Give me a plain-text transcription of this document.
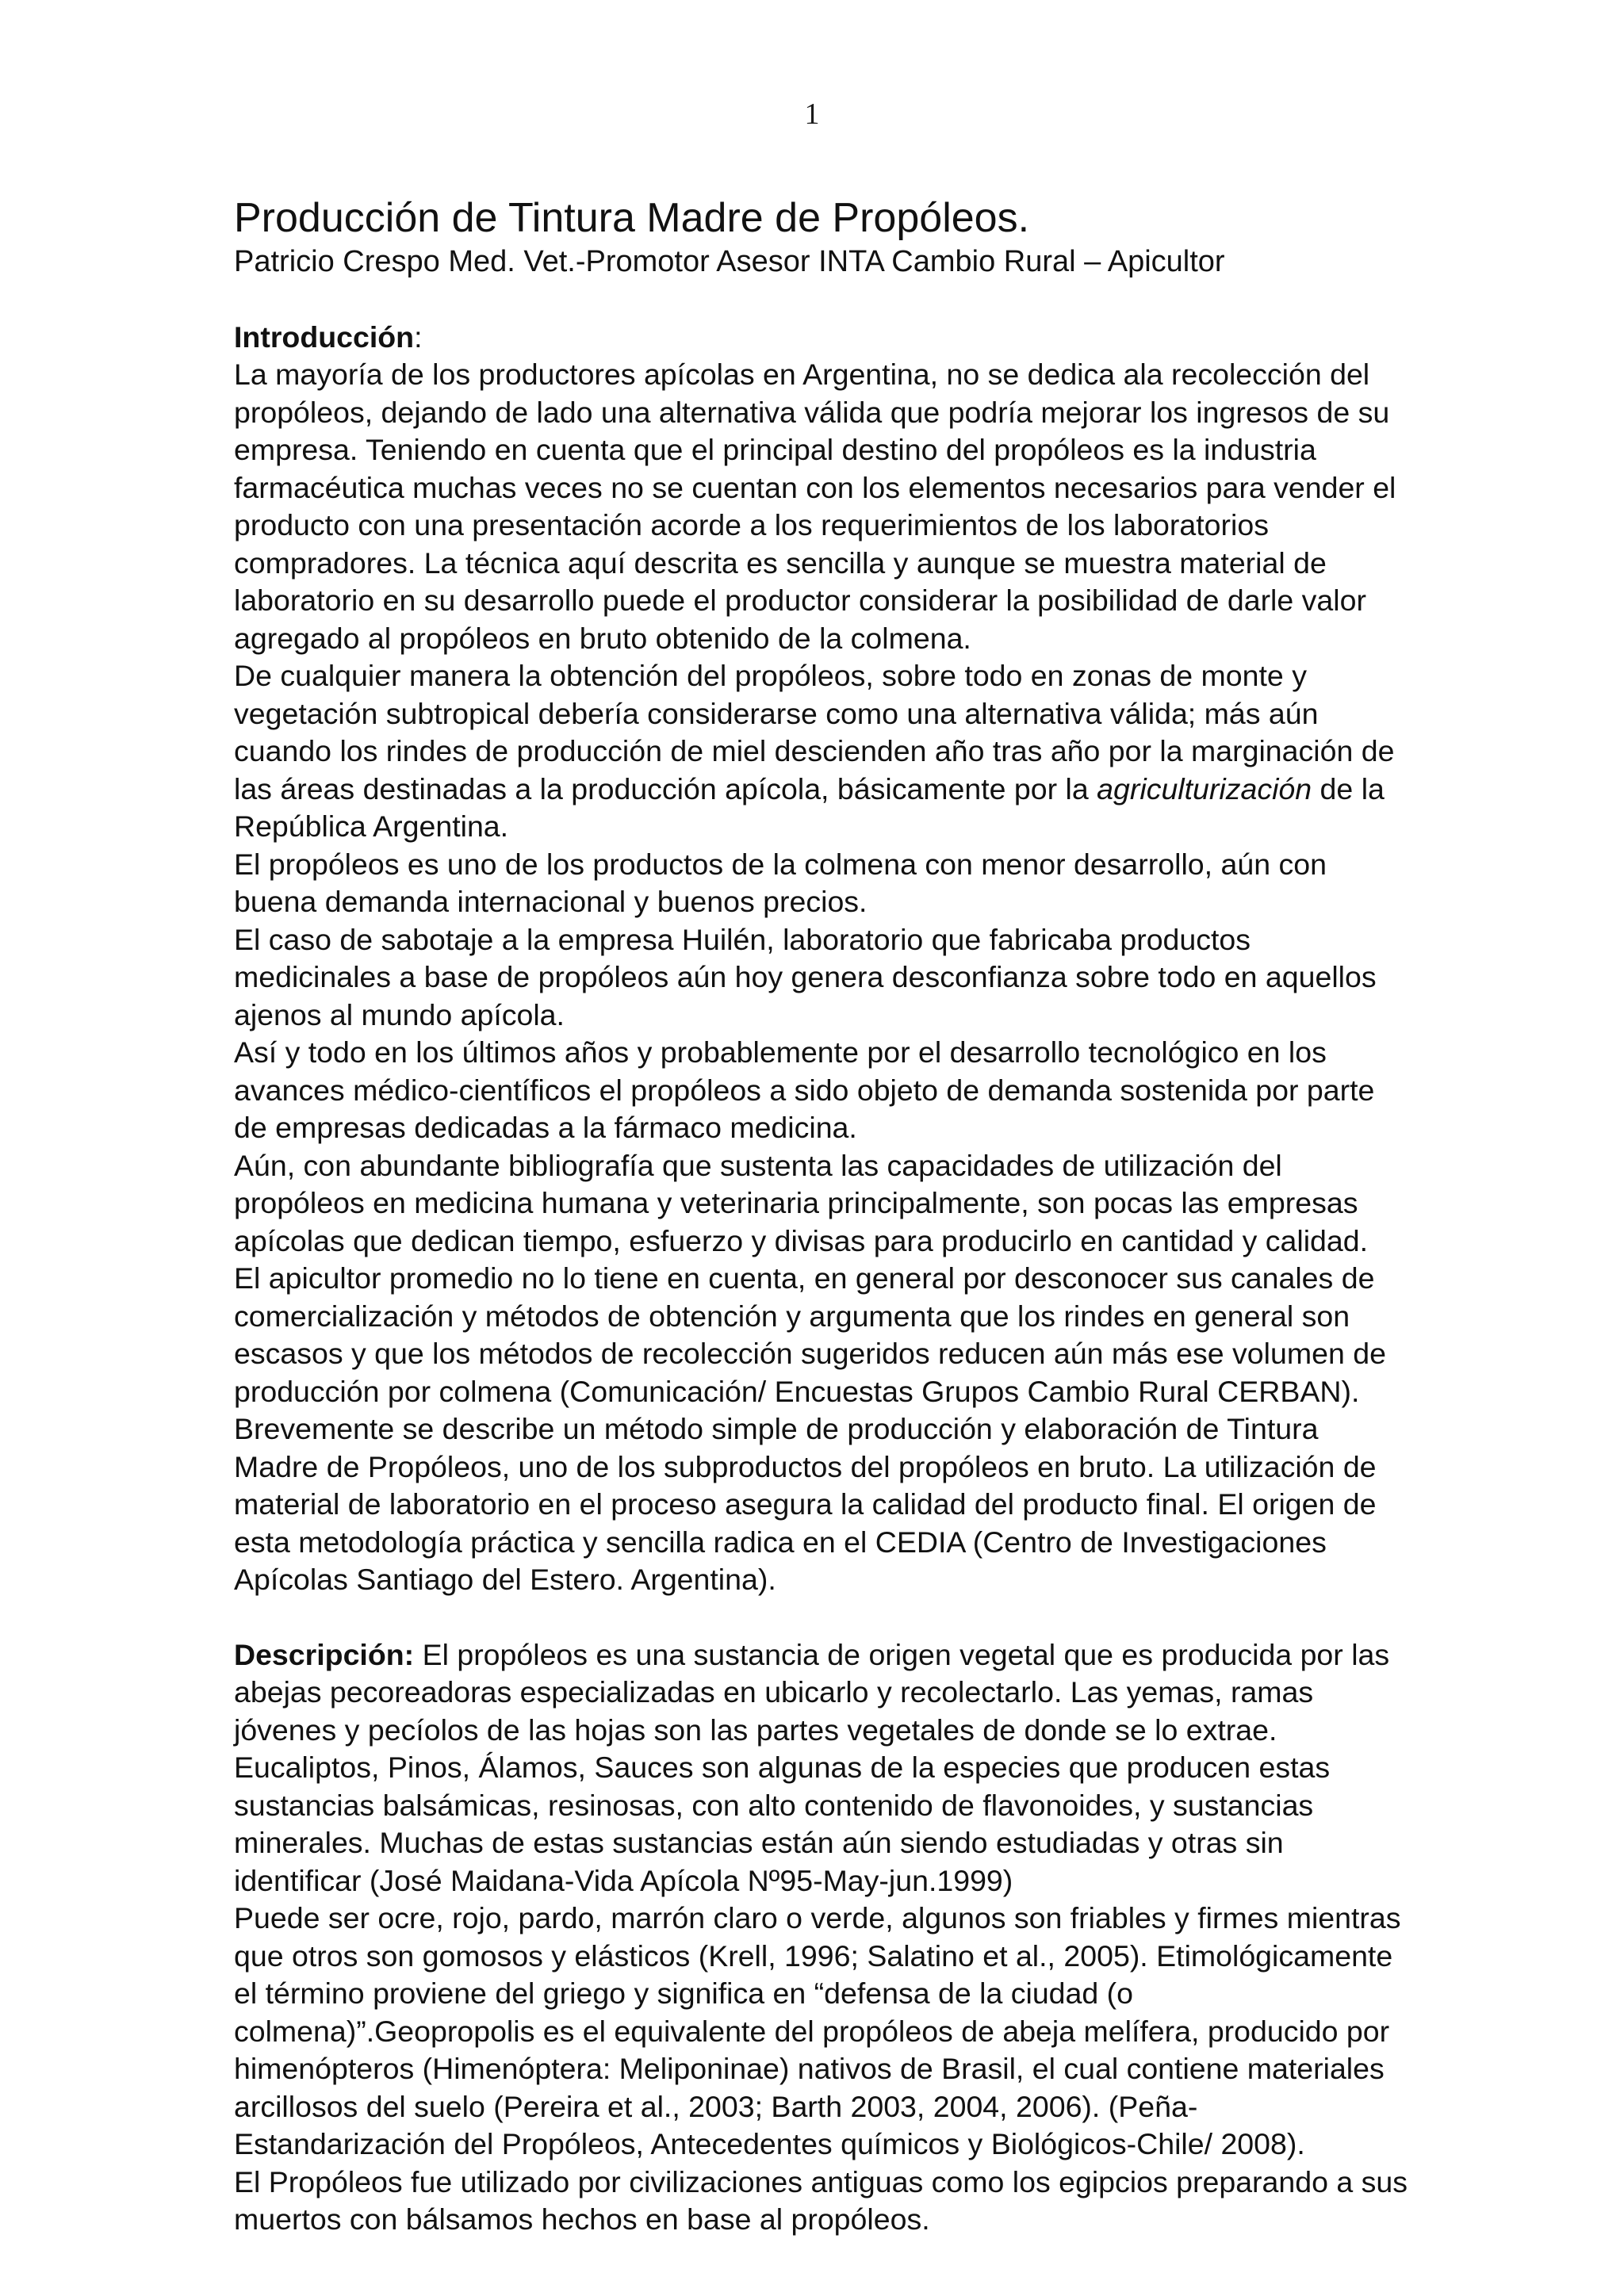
1
Producción de Tintura Madre de Propóleos.

Patricio Crespo Med. Vet.-Promotor Asesor INTA Cambio Rural – Apicultor

Introducción:

La mayoría de los productores apícolas en Argentina, no se dedica ala recolección del propóleos, dejando de lado una alternativa válida que podría mejorar los ingresos de su empresa. Teniendo en cuenta que el principal destino del propóleos es la industria farmacéutica muchas veces no se cuentan con los elementos necesarios para vender el producto con una presentación acorde a los requerimientos de los laboratorios compradores. La técnica aquí descrita es sencilla y aunque se muestra material de laboratorio en su desarrollo puede el productor considerar la posibilidad de darle valor agregado al propóleos en bruto obtenido de la colmena.

De cualquier manera la obtención del propóleos, sobre todo en zonas de monte y vegetación subtropical debería considerarse como una alternativa válida; más aún cuando los rindes de producción de miel descienden año tras año por la marginación de las áreas destinadas a la producción apícola, básicamente por la agriculturización de la República Argentina.

El propóleos es uno de los productos de la colmena con menor desarrollo, aún con buena demanda internacional y buenos precios.

El caso de sabotaje a la empresa Huilén, laboratorio que fabricaba productos medicinales a base de propóleos aún hoy genera desconfianza sobre todo en aquellos ajenos al mundo apícola.

Así y todo en los últimos años y probablemente por el desarrollo tecnológico en los avances médico-científicos el propóleos a sido objeto de demanda sostenida por parte de empresas dedicadas a la fármaco medicina.

Aún, con abundante bibliografía que sustenta las capacidades de utilización del propóleos en medicina humana y veterinaria principalmente, son pocas las empresas apícolas que dedican tiempo, esfuerzo y divisas para producirlo en cantidad y calidad.

El apicultor promedio no lo tiene en cuenta, en general por desconocer sus canales de comercialización y métodos de obtención y argumenta que los rindes en general son escasos y que los métodos de recolección sugeridos reducen aún más ese volumen de producción por colmena (Comunicación/ Encuestas Grupos Cambio Rural CERBAN).

Brevemente se describe un método simple de producción y elaboración de Tintura Madre de Propóleos, uno de los subproductos del propóleos en bruto. La utilización de material de laboratorio en el proceso asegura la calidad del producto final. El origen de esta metodología práctica y sencilla radica en el CEDIA (Centro de Investigaciones Apícolas Santiago del Estero. Argentina).

Descripción: El propóleos es una sustancia de origen vegetal que es producida por las abejas pecoreadoras especializadas en ubicarlo y recolectarlo. Las yemas, ramas jóvenes y pecíolos de las hojas son las partes vegetales de donde se lo extrae. Eucaliptos, Pinos, Álamos, Sauces son algunas de la especies que producen estas sustancias balsámicas, resinosas, con alto contenido de flavonoides, y sustancias minerales. Muchas de estas sustancias están aún siendo estudiadas y otras sin identificar (José Maidana-Vida Apícola Nº95-May-jun.1999)

Puede ser ocre, rojo, pardo, marrón claro o verde, algunos son friables y firmes mientras que otros son gomosos y elásticos (Krell, 1996; Salatino et al., 2005). Etimológicamente el término proviene del griego y significa en “defensa de la ciudad (o colmena)”.Geopropolis es el equivalente del propóleos de abeja melífera, producido por himenópteros (Himenóptera: Meliponinae) nativos de Brasil, el cual contiene materiales arcillosos del suelo (Pereira et al., 2003; Barth 2003, 2004, 2006). (Peña-Estandarización del Propóleos, Antecedentes químicos y Biológicos-Chile/ 2008).

El Propóleos fue utilizado por civilizaciones antiguas como los egipcios preparando a sus muertos con bálsamos hechos en base al propóleos.
